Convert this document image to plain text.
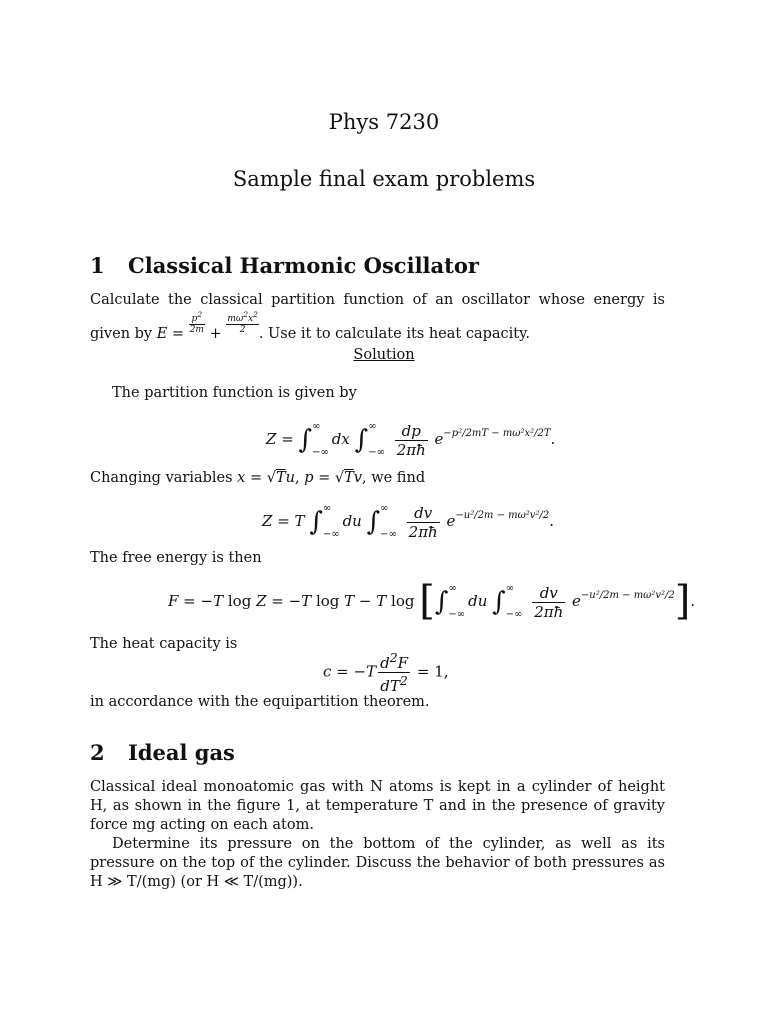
Phys 7230
Sample final exam problems
1 Classical Harmonic Oscillator
Calculate the classical partition function of an oscillator whose energy is given by $E = \frac{p^2}{2m} + \frac{m\omega^2x^2}{2}$ . Use it to calculate its heat capacity.
Solution
The partition function is given by
Z = ∫ ∞
−∞
dx ∫ ∞
−∞
$\frac{dp}{2\pi ħ} e^{-p^2/2mT - m\omega^2x^2/2T}$.
Changing variables x = √Tu, p = √Tv, we find
Z = T ∫ ∞
−∞
du ∫ ∞
−∞
$\frac{dv}{2\pi ħ} e^{-u^2/2m - m\omega^2v^2/2}$.
The free energy is then
F = −T log Z = −T log T − T log [∫ ∞
−∞
du ∫ ∞
−∞
$\frac{dv}{2\pi ħ} e^{-u^2/2m - m\omega^2v^2/2}$].
The heat capacity is
$c = -T \frac{d^2F}{dT^2} = 1$,
in accordance with the equipartition theorem.
2 Ideal gas
Classical ideal monoatomic gas with N atoms is kept in a cylinder of height H, as shown in the figure 1, at temperature T and in the presence of gravity force mg acting on each atom.
Determine its pressure on the bottom of the cylinder, as well as its pressure on the top of the cylinder. Discuss the behavior of both pressures as H ≫ T/(mg) (or H ≪ T/(mg)).
